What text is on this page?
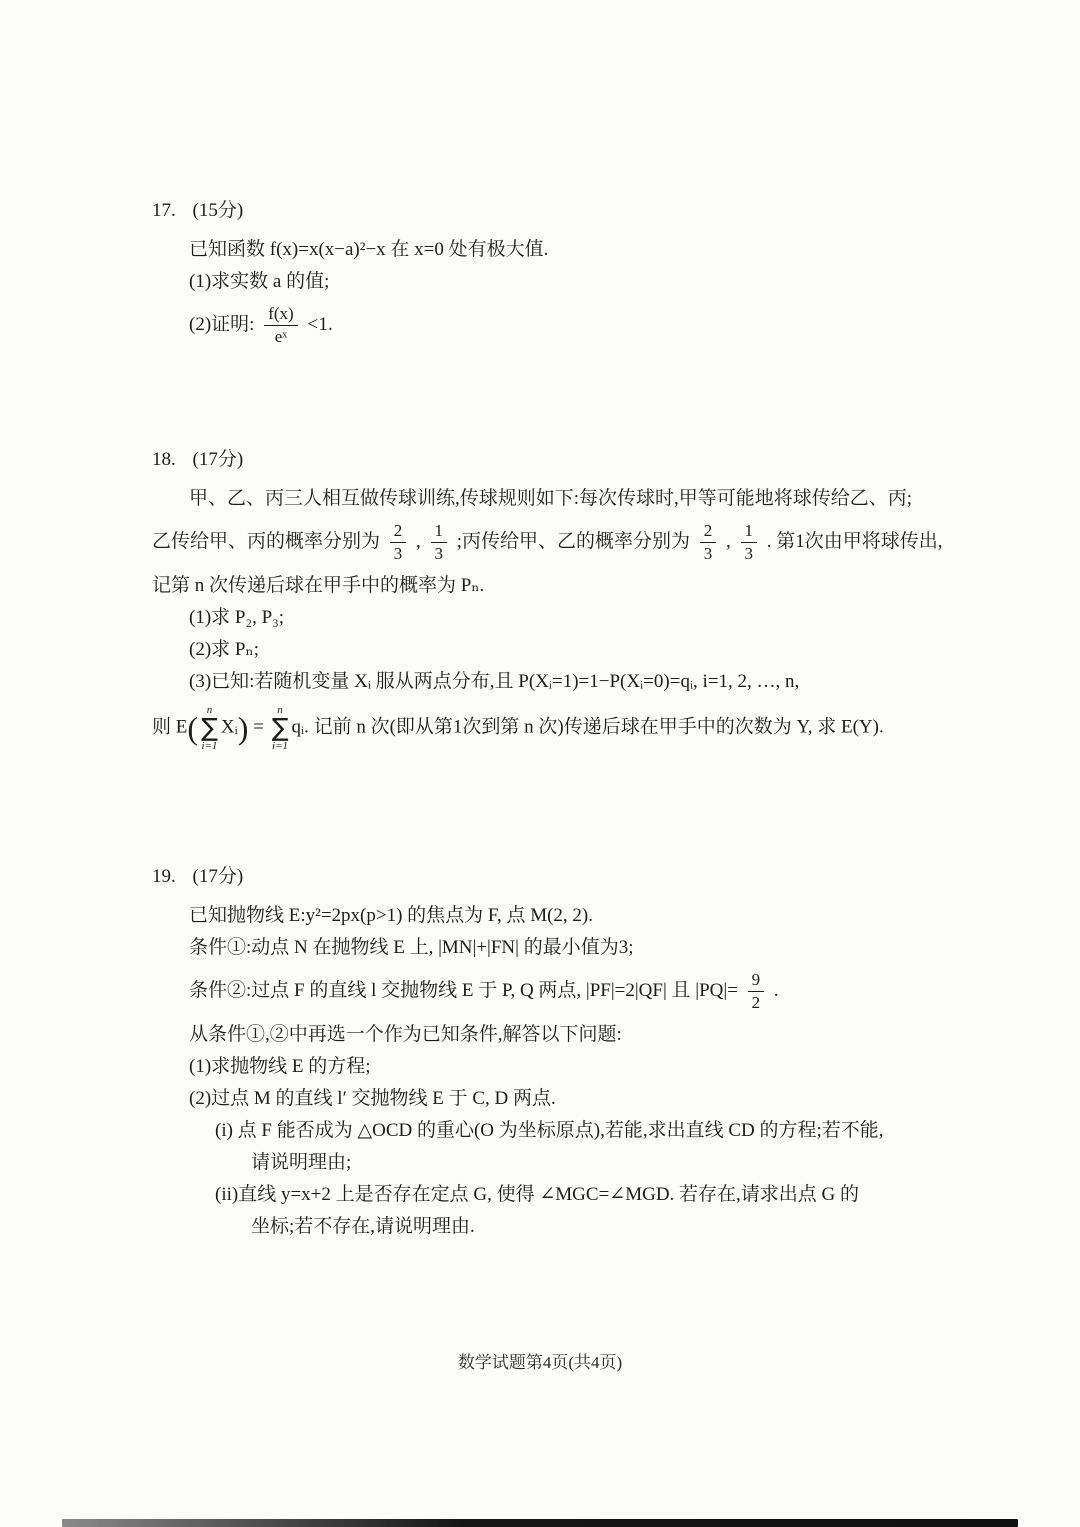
17. (15分)
已知函数 f(x)=x(x−a)²−x 在 x=0 处有极大值.
(1)求实数 a 的值;
(2)证明: $\frac{f(x)}{\text{eˣ}} <1$.
18. (17分)
甲、乙、丙三人相互做传球训练,传球规则如下:每次传球时,甲等可能地将球传给乙、丙;
乙传给甲、丙的概率分别为 $\frac{2}{3}$ , $\frac{1}{3}$ ;丙传给甲、乙的概率分别为 $\frac{2}{3}$ , $\frac{1}{3}$ . 第1次由甲将球传出,
记第 n 次传递后球在甲手中的概率为 Pₙ.
(1)求 P₂, P₃;
(2)求 Pₙ;
(3)已知:若随机变量 Xᵢ 服从两点分布,且 P(Xᵢ=1)=1−P(Xᵢ=0)=qᵢ, i=1, 2, …, n,
则 E( n
∑
i=1
Xᵢ) =
n
∑
i=1
qᵢ. 记前 n 次(即从第1次到第 n 次)传递后球在甲手中的次数为 Y, 求 E(Y).
19. (17分)
已知抛物线 E:y²=2px(p>1) 的焦点为 F, 点 M(2, 2).
条件①:动点 N 在抛物线 E 上, |MN|+|FN| 的最小值为3;
条件②:过点 F 的直线 l 交抛物线 E 于 P, Q 两点, |PF|=2|QF| 且 $|PQ|= \frac{9}{2}$ .
从条件①,②中再选一个作为已知条件,解答以下问题:
(1)求抛物线 E 的方程;
(2)过点 M 的直线 l′ 交抛物线 E 于 C, D 两点.
(i) 点 F 能否成为 △OCD 的重心(O 为坐标原点),若能,求出直线 CD 的方程;若不能,
请说明理由;
(ii)直线 y=x+2 上是否存在定点 G, 使得 ∠MGC=∠MGD. 若存在,请求出点 G 的
坐标;若不存在,请说明理由.
数学试题第4页(共4页)
